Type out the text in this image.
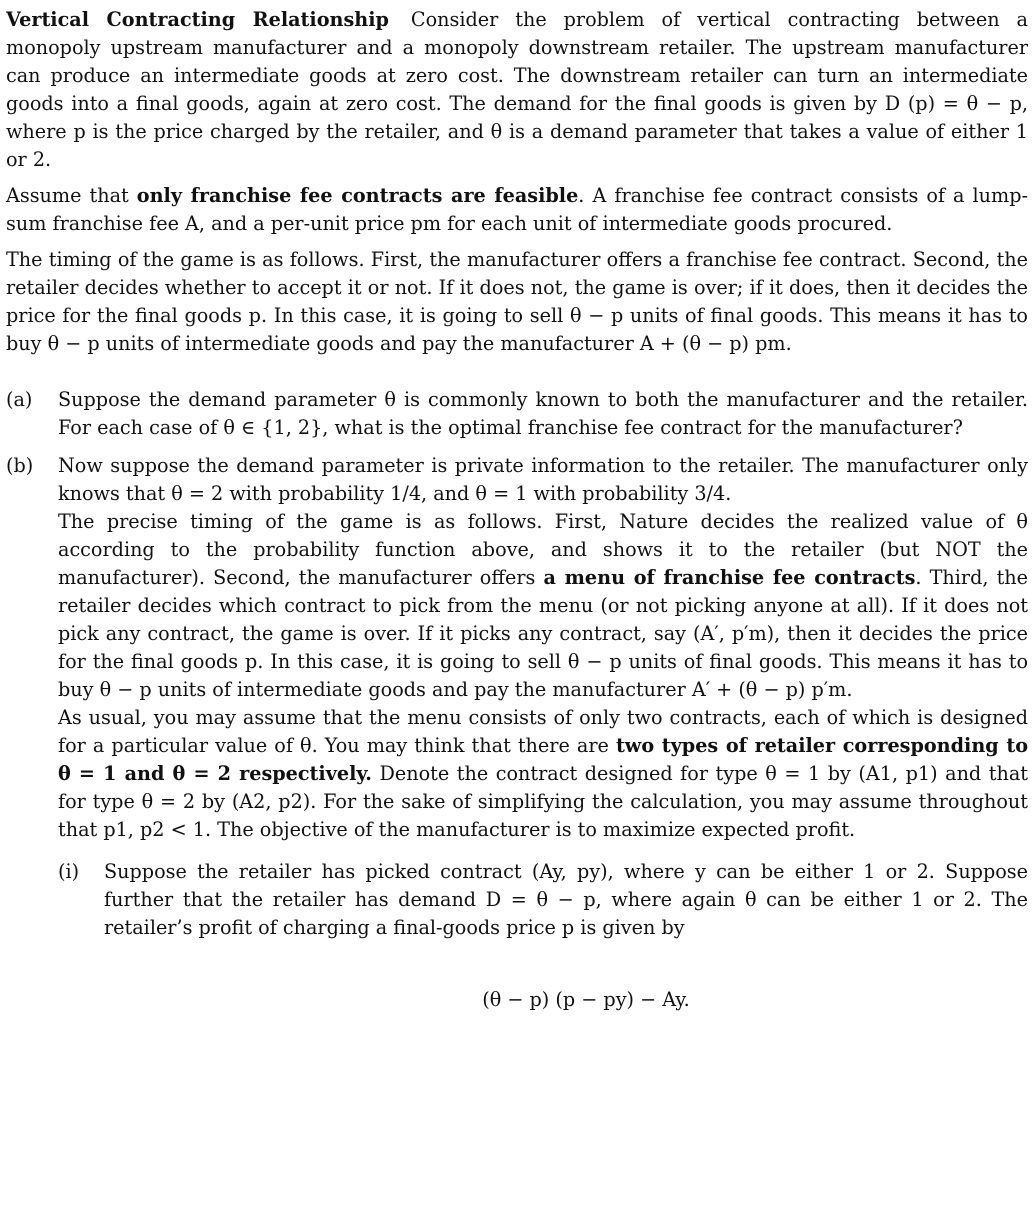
Vertical Contracting Relationship Consider the problem of vertical contracting between a monopoly upstream manufacturer and a monopoly downstream retailer. The upstream manufacturer can produce an intermediate goods at zero cost. The downstream retailer can turn an intermediate goods into a final goods, again at zero cost. The demand for the final goods is given by D (p) = θ − p, where p is the price charged by the retailer, and θ is a demand parameter that takes a value of either 1 or 2.

Assume that only franchise fee contracts are feasible. A franchise fee contract consists of a lump-sum franchise fee A, and a per-unit price pm for each unit of intermediate goods procured.

The timing of the game is as follows. First, the manufacturer offers a franchise fee contract. Second, the retailer decides whether to accept it or not. If it does not, the game is over; if it does, then it decides the price for the final goods p. In this case, it is going to sell θ − p units of final goods. This means it has to buy θ − p units of intermediate goods and pay the manufacturer A + (θ − p) pm.

(a)	Suppose the demand parameter θ is commonly known to both the manufacturer and the retailer. For each case of θ ∈ {1, 2}, what is the optimal franchise fee contract for the manufacturer?

(b)	Now suppose the demand parameter is private information to the retailer. The manufacturer only knows that θ = 2 with probability 1/4, and θ = 1 with probability 3/4.

The precise timing of the game is as follows. First, Nature decides the realized value of θ according to the probability function above, and shows it to the retailer (but NOT the manufacturer). Second, the manufacturer offers a menu of franchise fee contracts. Third, the retailer decides which contract to pick from the menu (or not picking anyone at all). If it does not pick any contract, the game is over. If it picks any contract, say (A′, p′m), then it decides the price for the final goods p. In this case, it is going to sell θ − p units of final goods. This means it has to buy θ − p units of intermediate goods and pay the manufacturer A′ + (θ − p) p′m.

As usual, you may assume that the menu consists of only two contracts, each of which is designed for a particular value of θ. You may think that there are two types of retailer corresponding to θ = 1 and θ = 2 respectively. Denote the contract designed for type θ = 1 by (A1, p1) and that for type θ = 2 by (A2, p2). For the sake of simplifying the calculation, you may assume throughout that p1, p2 < 1. The objective of the manufacturer is to maximize expected profit.

(i)	Suppose the retailer has picked contract (Ay, py), where y can be either 1 or 2. Suppose further that the retailer has demand D = θ − p, where again θ can be either 1 or 2. The retailer’s profit of charging a final-goods price p is given by

(θ − p) (p − py) − Ay.
